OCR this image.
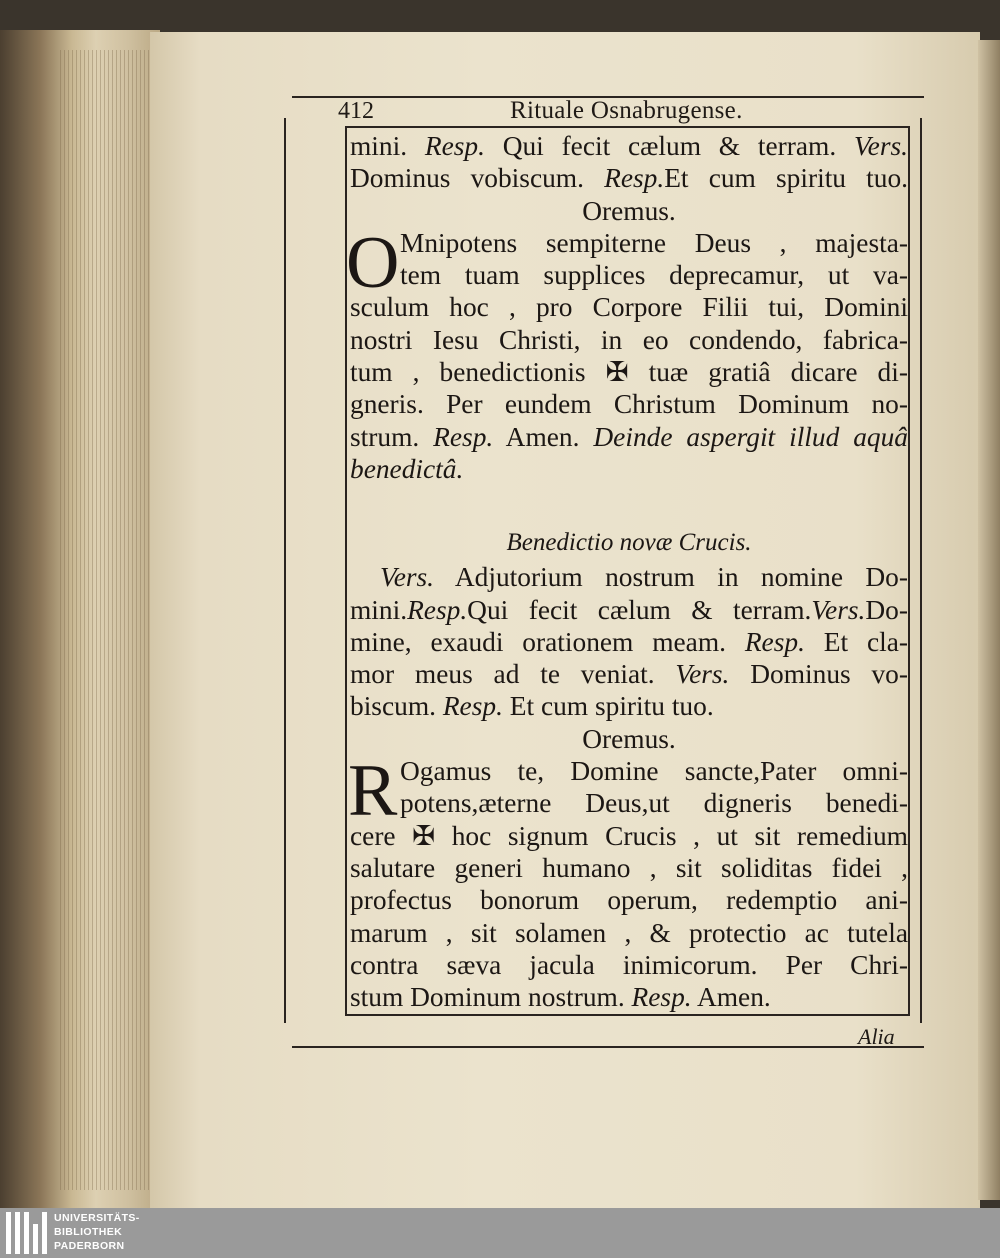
412	Rituale Osnabrugense.
mini. Resp. Qui fecit cælum & terram. Vers.
Dominus vobiscum. Resp.Et cum spiritu tuo.
Oremus.
O Mnipotens sempiterne Deus , majesta-
tem tuam supplices deprecamur, ut va-
sculum hoc , pro Corpore Filii tui, Domini
nostri Iesu Christi, in eo condendo, fabrica-
tum , benedictionis ✠ tuæ gratiâ dicare di-
gneris. Per eundem Christum Dominum no-
strum. Resp. Amen. Deinde aspergit illud aquâ
benedictâ.
Benedictio novæ Crucis.
Vers. Adjutorium nostrum in nomine Do-
mini.Resp.Qui fecit cælum & terram.Vers.Do-
mine, exaudi orationem meam. Resp. Et cla-
mor meus ad te veniat. Vers. Dominus vo-
biscum. Resp. Et cum spiritu tuo.
Oremus.
R Ogamus te, Domine sancte,Pater omni-
potens,æterne Deus,ut digneris benedi-
cere ✠ hoc signum Crucis , ut sit remedium
salutare generi humano , sit soliditas fidei ,
profectus bonorum operum, redemptio ani-
marum , sit solamen , & protectio ac tutela
contra sæva jacula inimicorum. Per Chri-
stum Dominum nostrum. Resp. Amen.
Alia
UNIVERSITÄTS-
BIBLIOTHEK
PADERBORN
